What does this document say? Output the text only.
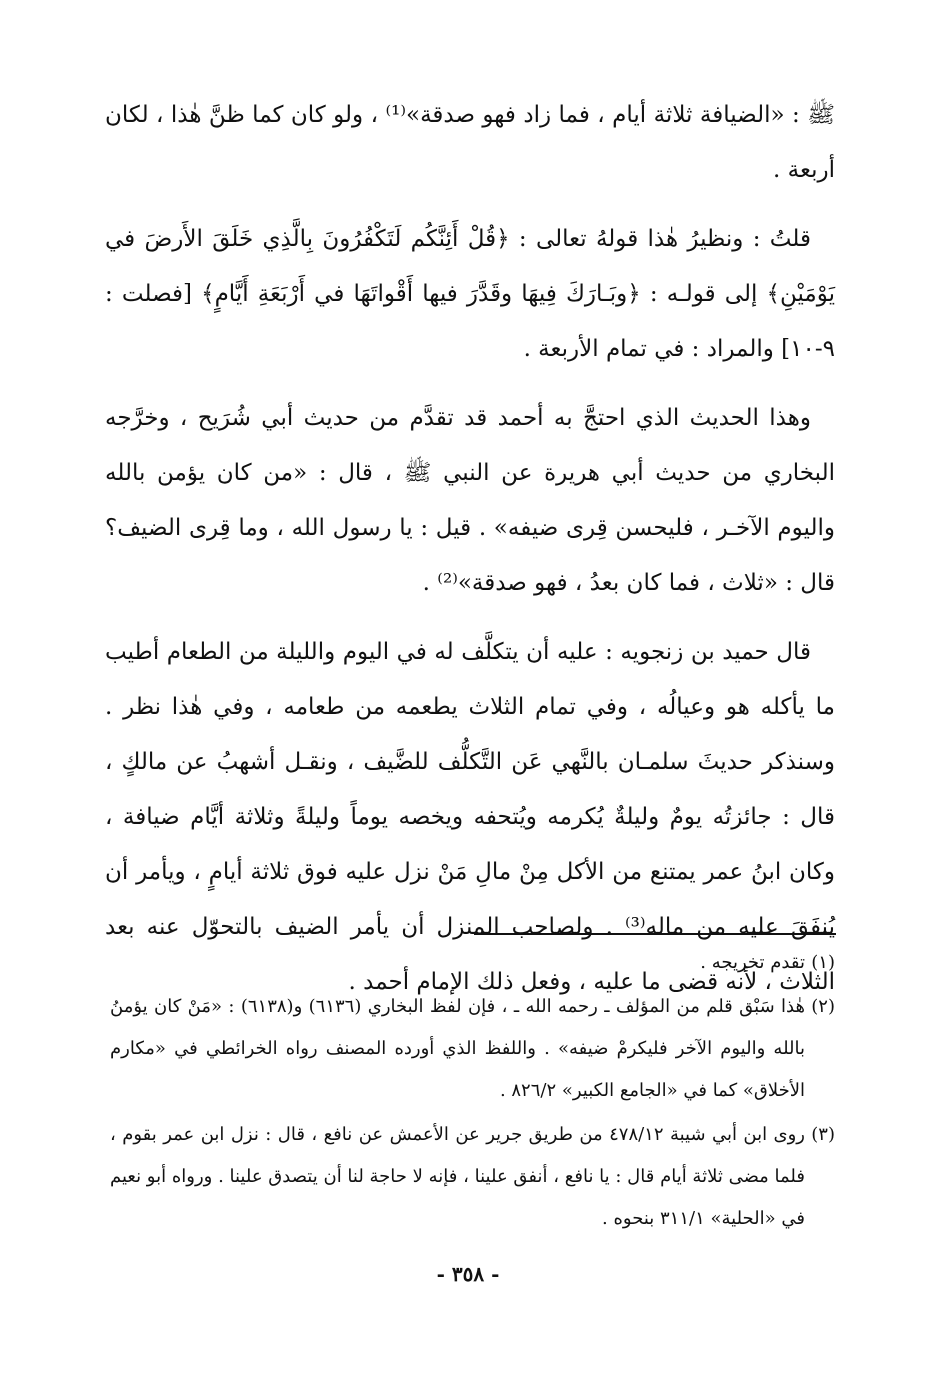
ﷺ : «الضيافة ثلاثة أيام ، فما زاد فهو صدقة»⁽¹⁾ ، ولو كان كما ظنَّ هٰذا ، لكان أربعة .

قلتُ : ونظيرُ هٰذا قولهُ تعالى : ﴿قُلْ أَئِنَّكُم لَتَكْفُرُونَ بِالَّذِي خَلَقَ الأَرضَ في يَوْمَيْنِ﴾ إلى قولـه : ﴿وبَـارَكَ فِيهَا وقَدَّرَ فيها أَقْواتَهَا في أَرْبَعَةِ أَيَّامٍ﴾ [فصلت : ٩-١٠] والمراد : في تمام الأربعة .

وهذا الحديث الذي احتجَّ به أحمد قد تقدَّم من حديث أبي شُرَيح ، وخرَّجه البخاري من حديث أبي هريرة عن النبي ﷺ ، قال : «من كان يؤمن بالله واليوم الآخـر ، فليحسن قِرى ضيفه» . قيل : يا رسول الله ، وما قِرى الضيف؟ قال : «ثلاث ، فما كان بعدُ ، فهو صدقة»⁽²⁾ .

قال حميد بن زنجويه : عليه أن يتكلَّف له في اليوم والليلة من الطعام أطيب ما يأكله هو وعيالُه ، وفي تمام الثلاث يطعمه من طعامه ، وفي هٰذا نظر . وسنذكر حديثَ سلمـان بالنَّهي عَن التَّكلُّف للضَّيف ، ونقـل أشهبُ عن مالكٍ ، قال : جائزتُه يومٌ وليلةٌ يُكرمه ويُتحفه ويخصه يوماً وليلةً وثلاثة أيَّام ضيافة ، وكان ابنُ عمر يمتنع من الأكل مِنْ مالِ مَنْ نزل عليه فوق ثلاثة أيامٍ ، ويأمر أن يُنفَقَ عليه من ماله⁽³⁾ . ولصاحب المنزل أن يأمر الضيف بالتحوّل عنه بعد الثلاث ، لأنه قضى ما عليه ، وفعل ذلك الإمام أحمد .

(١)
تقدم تخريجه .

(٢)
هٰذا سَبْق قلم من المؤلف ـ رحمه الله ـ ، فإن لفظ البخاري (٦١٣٦) و(٦١٣٨) : «مَنْ كان يؤمنُ بالله واليوم الآخر فليكرمْ ضيفه» . واللفظ الذي أورده المصنف رواه الخرائطي في «مكارم الأخلاق» كما في «الجامع الكبير» ٨٢٦/٢ .

(٣)
روى ابن أبي شيبة ٤٧٨/١٢ من طريق جرير عن الأعمش عن نافع ، قال : نزل ابن عمر بقوم ، فلما مضى ثلاثة أيام قال : يا نافع ، أنفق علينا ، فإنه لا حاجة لنا أن يتصدق علينا . ورواه أبو نعيم في «الحلية» ٣١١/١ بنحوه .

- ٣٥٨ -
